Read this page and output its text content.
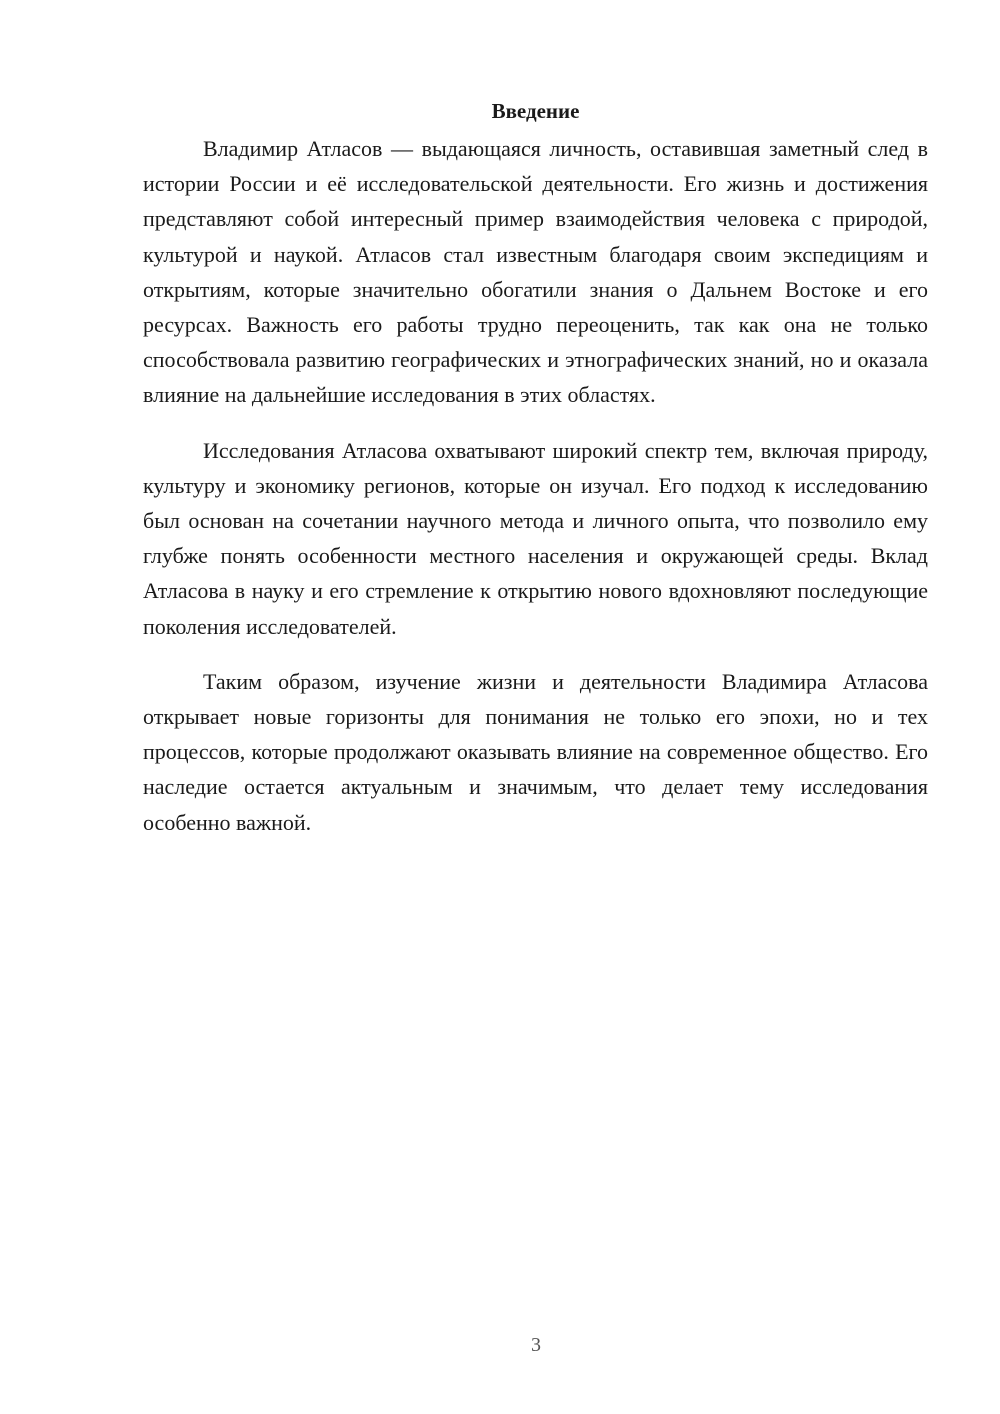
Введение

Владимир Атласов — выдающаяся личность, оставившая заметный след в истории России и её исследовательской деятельности. Его жизнь и достижения представляют собой интересный пример взаимодействия человека с природой, культурой и наукой. Атласов стал известным благодаря своим экспедициям и открытиям, которые значительно обогатили знания о Дальнем Востоке и его ресурсах. Важность его работы трудно переоценить, так как она не только способствовала развитию географических и этнографических знаний, но и оказала влияние на дальнейшие исследования в этих областях.

Исследования Атласова охватывают широкий спектр тем, включая природу, культуру и экономику регионов, которые он изучал. Его подход к исследованию был основан на сочетании научного метода и личного опыта, что позволило ему глубже понять особенности местного населения и окружающей среды. Вклад Атласова в науку и его стремление к открытию нового вдохновляют последующие поколения исследователей.

Таким образом, изучение жизни и деятельности Владимира Атласова открывает новые горизонты для понимания не только его эпохи, но и тех процессов, которые продолжают оказывать влияние на современное общество. Его наследие остается актуальным и значимым, что делает тему исследования особенно важной.

3
